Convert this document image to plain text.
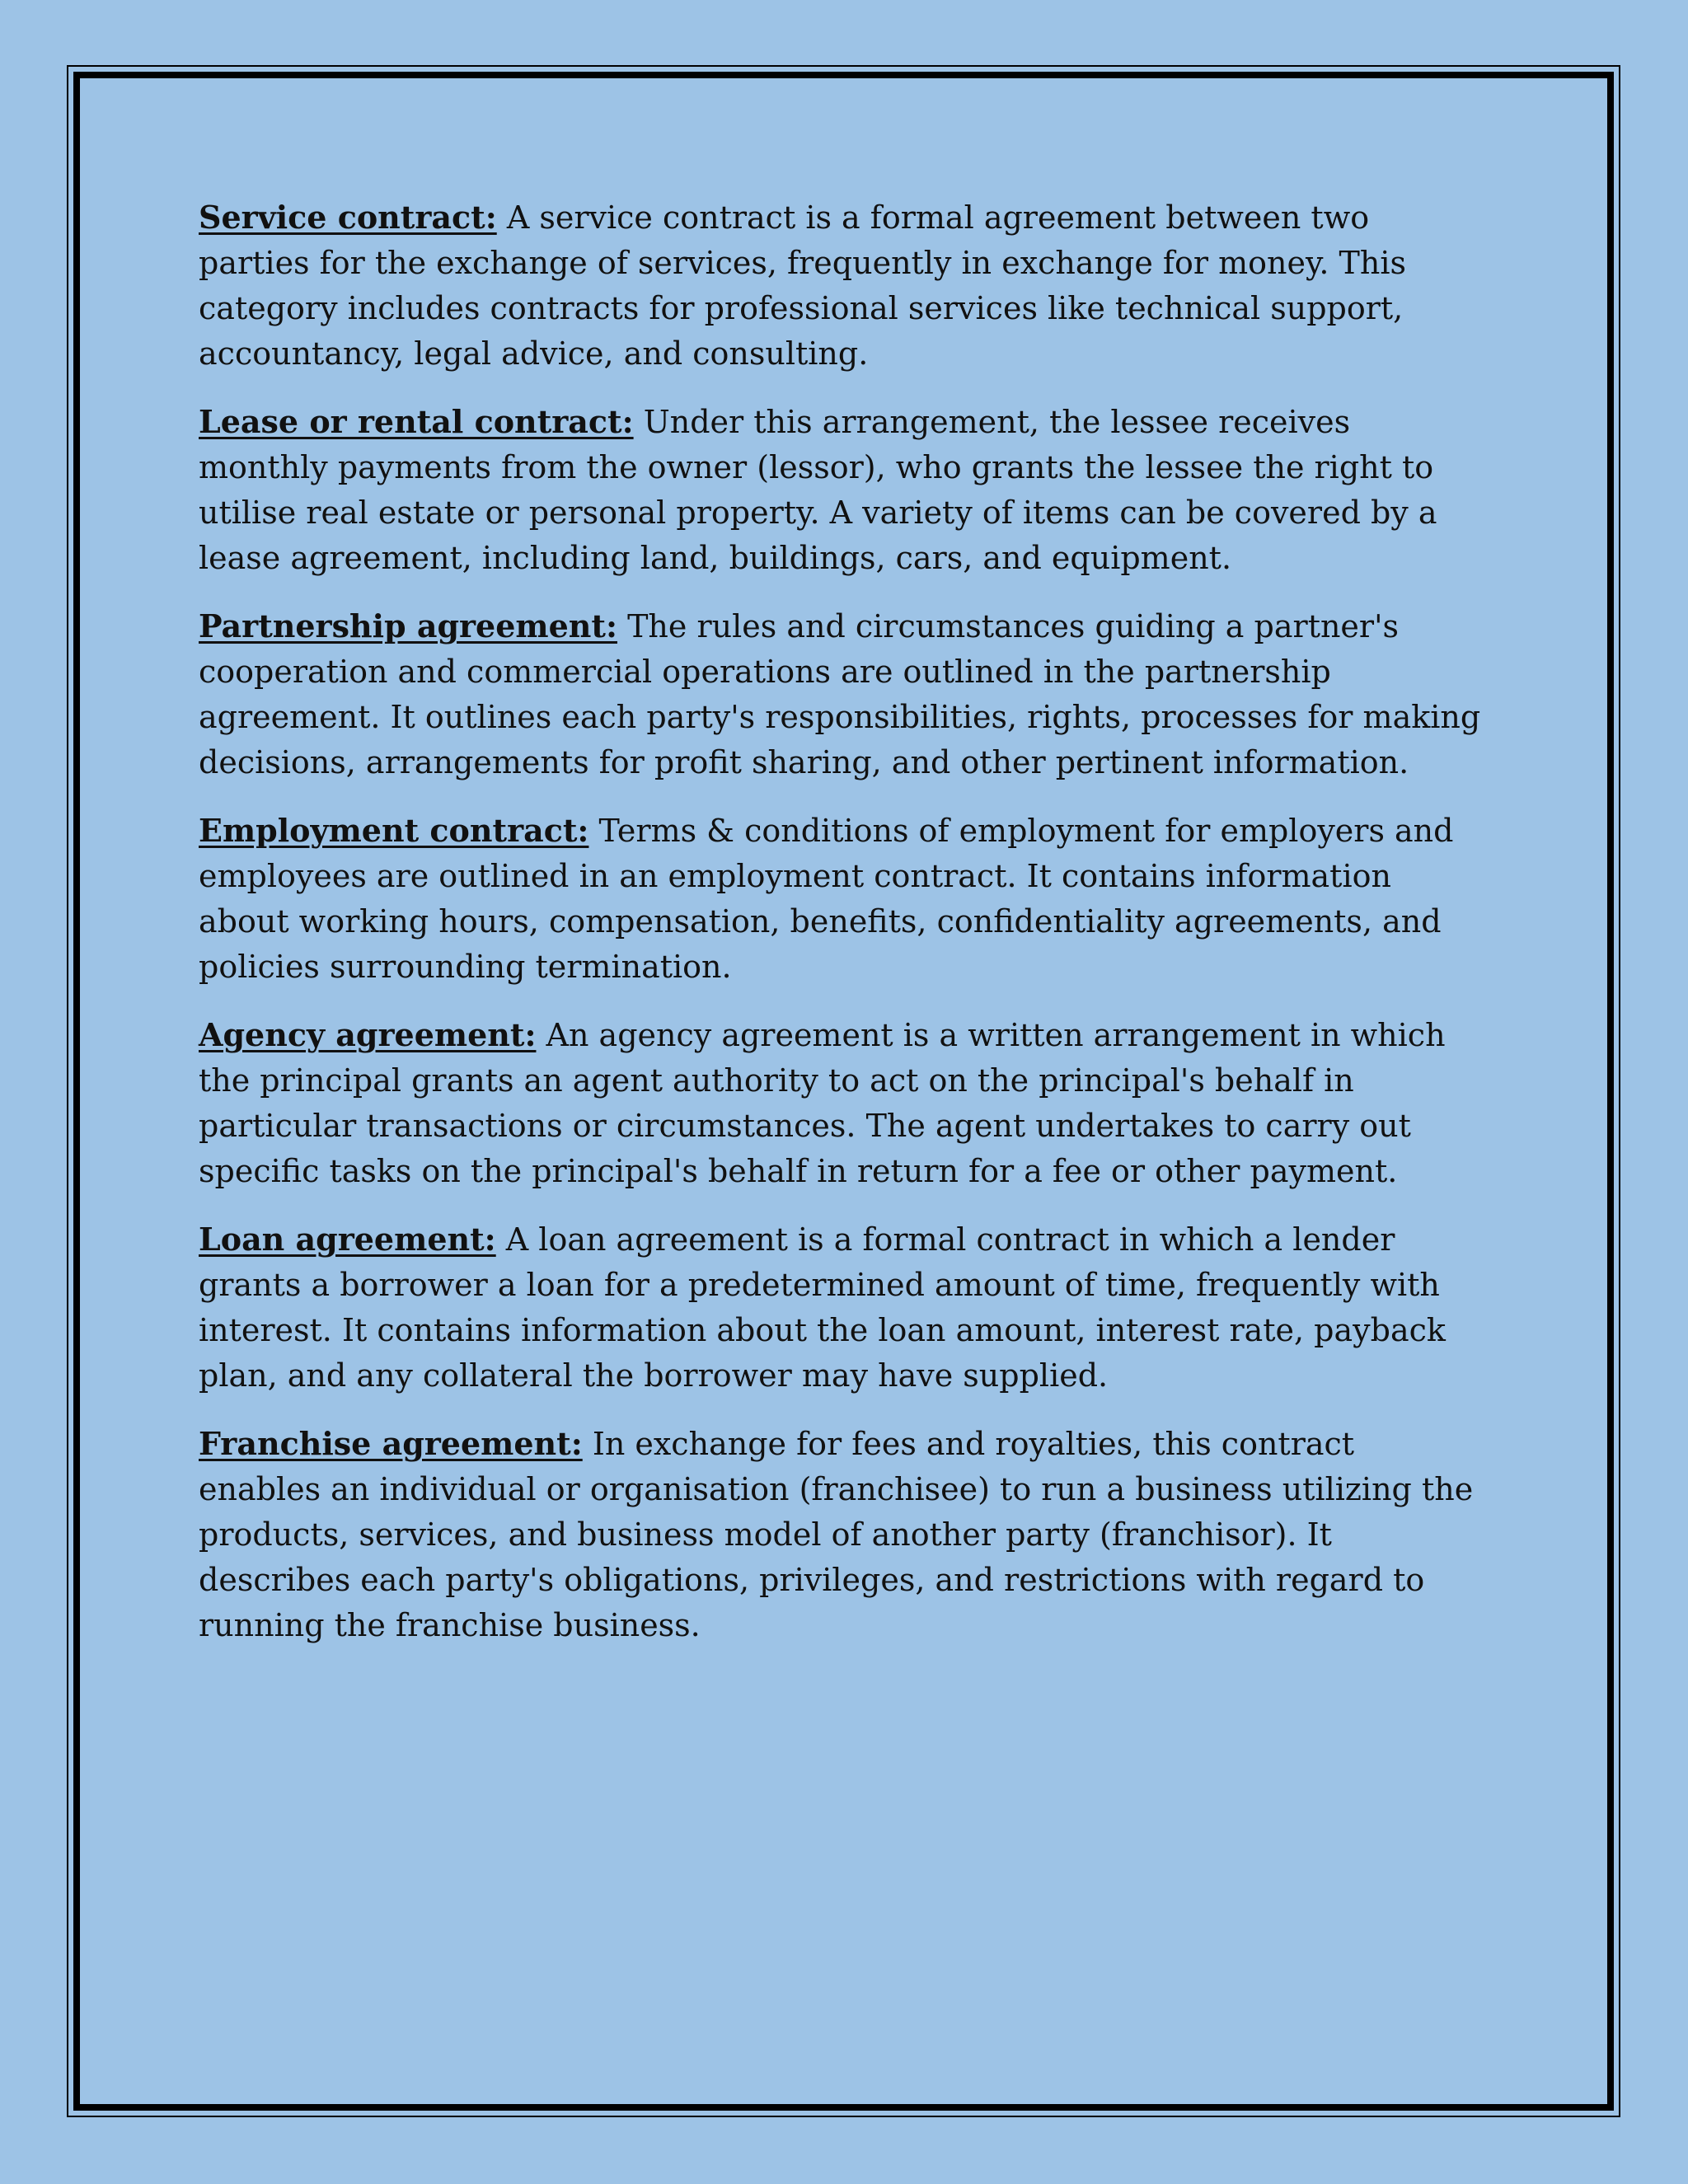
Service contract: A service contract is a formal agreement between two parties for the exchange of services, frequently in exchange for money. This category includes contracts for professional services like technical support, accountancy, legal advice, and consulting.

Lease or rental contract: Under this arrangement, the lessee receives monthly payments from the owner (lessor), who grants the lessee the right to utilise real estate or personal property. A variety of items can be covered by a lease agreement, including land, buildings, cars, and equipment.

Partnership agreement: The rules and circumstances guiding a partner's cooperation and commercial operations are outlined in the partnership agreement. It outlines each party's responsibilities, rights, processes for making decisions, arrangements for profit sharing, and other pertinent information.

Employment contract: Terms & conditions of employment for employers and employees are outlined in an employment contract. It contains information about working hours, compensation, benefits, confidentiality agreements, and policies surrounding termination.

Agency agreement: An agency agreement is a written arrangement in which the principal grants an agent authority to act on the principal's behalf in particular transactions or circumstances. The agent undertakes to carry out specific tasks on the principal's behalf in return for a fee or other payment.

Loan agreement: A loan agreement is a formal contract in which a lender grants a borrower a loan for a predetermined amount of time, frequently with interest. It contains information about the loan amount, interest rate, payback plan, and any collateral the borrower may have supplied.

Franchise agreement: In exchange for fees and royalties, this contract enables an individual or organisation (franchisee) to run a business utilizing the products, services, and business model of another party (franchisor). It describes each party's obligations, privileges, and restrictions with regard to running the franchise business.
